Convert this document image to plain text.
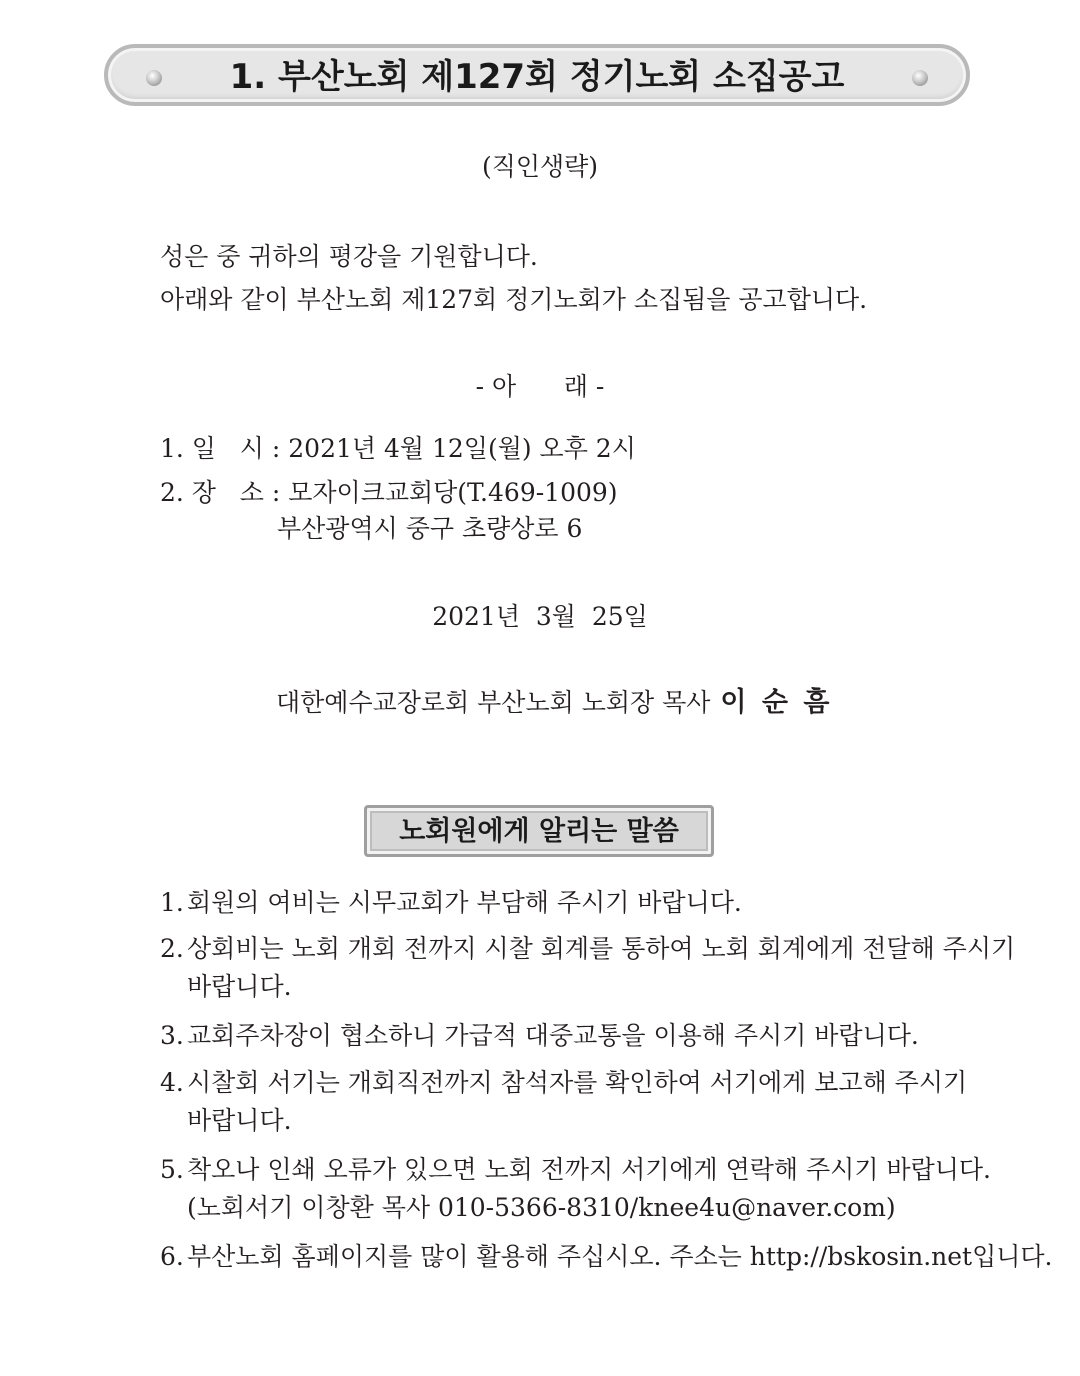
1. 부산노회 제127회 정기노회 소집공고
(직인생략)
성은 중 귀하의 평강을 기원합니다.
아래와 같이 부산노회 제127회 정기노회가 소집됨을 공고합니다.
- 아      래 -
1. 일   시 : 2021년 4월 12일(월) 오후 2시
2. 장   소 : 모자이크교회당(T.469-1009)
부산광역시 중구 초량상로 6
2021년  3월  25일
대한예수교장로회 부산노회 노회장 목사 이 순 흠
노회원에게 알리는 말씀
1. 회원의 여비는 시무교회가 부담해 주시기 바랍니다.
2. 상회비는 노회 개회 전까지 시찰 회계를 통하여 노회 회계에게 전달해 주시기
바랍니다.
3. 교회주차장이 협소하니 가급적 대중교통을 이용해 주시기 바랍니다.
4. 시찰회 서기는 개회직전까지 참석자를 확인하여 서기에게 보고해 주시기
바랍니다.
5. 착오나 인쇄 오류가 있으면 노회 전까지 서기에게 연락해 주시기 바랍니다.
(노회서기 이창환 목사 010-5366-8310/knee4u@naver.com)
6. 부산노회 홈페이지를 많이 활용해 주십시오. 주소는 http://bskosin.net입니다.
